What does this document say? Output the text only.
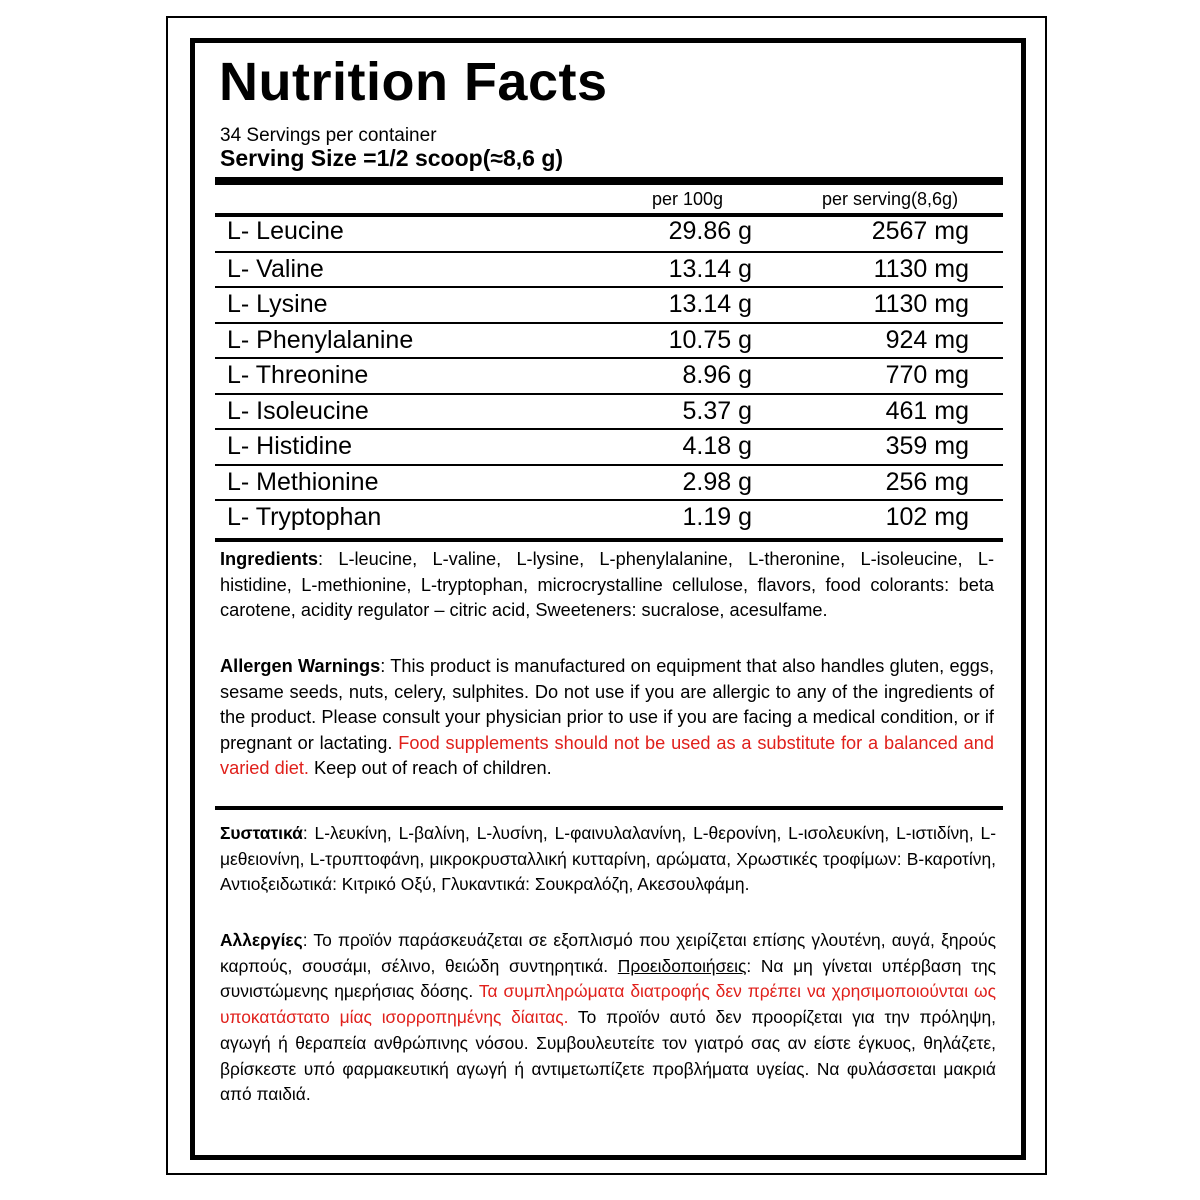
Nutrition Facts
34 Servings per container
Serving Size =1/2 scoop(≈8,6 g)
per 100g	per serving(8,6g)
L- Leucine	29.86 g	2567 mg
L- Valine	13.14 g	1130 mg
L- Lysine	13.14 g	1130 mg
L- Phenylalanine	10.75 g	924 mg
L- Threonine	8.96 g	770 mg
L- Isoleucine	5.37 g	461 mg
L- Histidine	4.18 g	359 mg
L- Methionine	2.98 g	256 mg
L- Tryptophan	1.19 g	102 mg
Ingredients: L-leucine, L-valine, L-lysine, L-phenylalanine, L-theronine, L-isoleucine, L-histidine, L-methionine, L-tryptophan, microcrystalline cellulose, flavors, food colorants: beta carotene, acidity regulator – citric acid, Sweeteners: sucralose, acesulfame.
Allergen Warnings: This product is manufactured on equipment that also handles gluten, eggs, sesame seeds, nuts, celery, sulphites. Do not use if you are allergic to any of the ingredients of the product. Please consult your physician prior to use if you are facing a medical condition, or if pregnant or lactating. Food supplements should not be used as a substitute for a balanced and varied diet. Keep out of reach of children.
Συστατικά: L-λευκίνη, L-βαλίνη, L-λυσίνη, L-φαινυλαλανίνη, L-θερονίνη, L-ισολευκίνη, L-ιστιδίνη, L-μεθειονίνη, L-τρυπτοφάνη, μικροκρυσταλλική κυτταρίνη, αρώματα, Χρωστικές τροφίμων: Β-καροτίνη, Αντιοξειδωτικά: Κιτρικό Οξύ, Γλυκαντικά: Σουκραλόζη, Ακεσουλφάμη.
Αλλεργίες: Το προϊόν παράσκευάζεται σε εξοπλισμό που χειρίζεται επίσης γλουτένη, αυγά, ξηρούς καρπούς, σουσάμι, σέλινο, θειώδη συντηρητικά. Προειδοποιήσεις: Να μη γίνεται υπέρβαση της συνιστώμενης ημερήσιας δόσης. Τα συμπληρώματα διατροφής δεν πρέπει να χρησιμοποιούνται ως υποκατάστατο μίας ισορροπημένης δίαιτας. Το προϊόν αυτό δεν προορίζεται για την πρόληψη, αγωγή ή θεραπεία ανθρώπινης νόσου. Συμβουλευτείτε τον γιατρό σας αν είστε έγκυος, θηλάζετε, βρίσκεστε υπό φαρμακευτική αγωγή ή αντιμετωπίζετε προβλήματα υγείας. Να φυλάσσεται μακριά από παιδιά.
